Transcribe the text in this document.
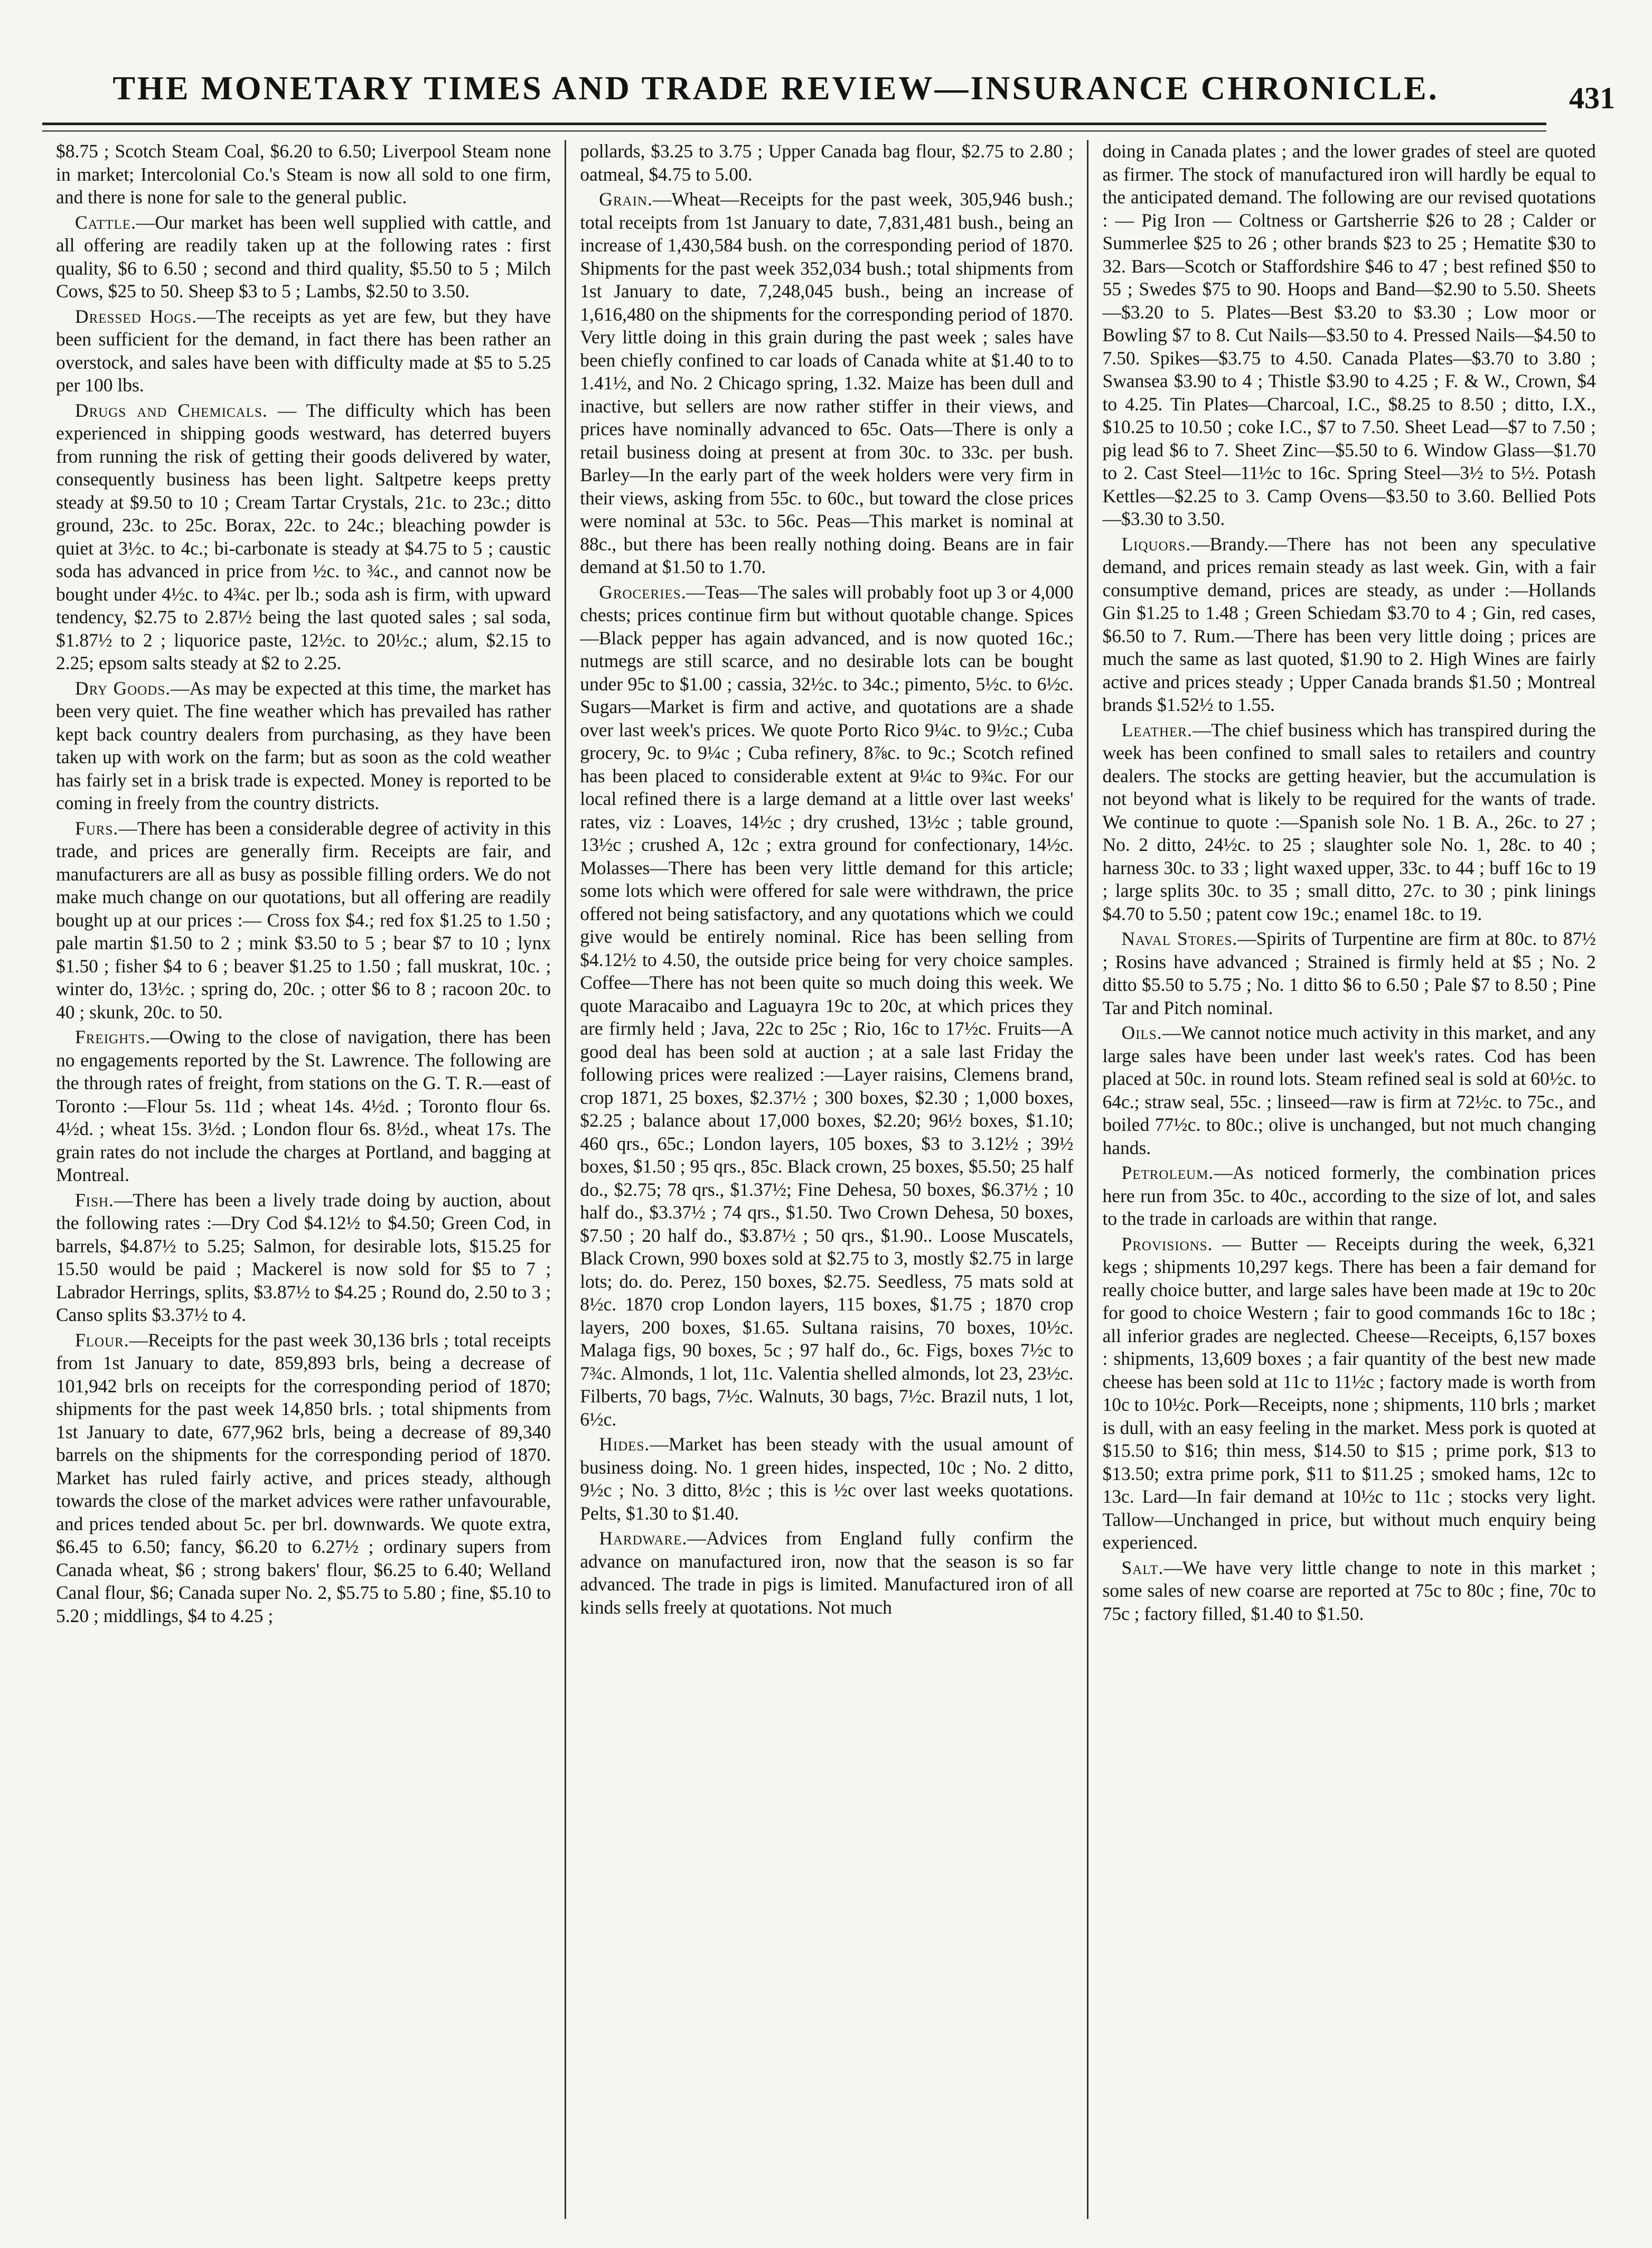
THE MONETARY TIMES AND TRADE REVIEW—INSURANCE CHRONICLE.	431

$8.75 ; Scotch Steam Coal, $6.20 to 6.50; Liverpool Steam none in market; Intercolonial Co.'s Steam is now all sold to one firm, and there is none for sale to the general public.

Cattle.—Our market has been well supplied with cattle, and all offering are readily taken up at the following rates : first quality, $6 to 6.50 ; second and third quality, $5.50 to 5 ; Milch Cows, $25 to 50. Sheep $3 to 5 ; Lambs, $2.50 to 3.50.

Dressed Hogs.—The receipts as yet are few, but they have been sufficient for the demand, in fact there has been rather an overstock, and sales have been with difficulty made at $5 to 5.25 per 100 lbs.

Drugs and Chemicals. — The difficulty which has been experienced in shipping goods westward, has deterred buyers from running the risk of getting their goods delivered by water, consequently business has been light. Saltpetre keeps pretty steady at $9.50 to 10 ; Cream Tartar Crystals, 21c. to 23c.; ditto ground, 23c. to 25c. Borax, 22c. to 24c.; bleaching powder is quiet at 3½c. to 4c.; bi-carbonate is steady at $4.75 to 5 ; caustic soda has advanced in price from ½c. to ¾c., and cannot now be bought under 4½c. to 4¾c. per lb.; soda ash is firm, with upward tendency, $2.75 to 2.87½ being the last quoted sales ; sal soda, $1.87½ to 2 ; liquorice paste, 12½c. to 20½c.; alum, $2.15 to 2.25; epsom salts steady at $2 to 2.25.

Dry Goods.—As may be expected at this time, the market has been very quiet. The fine weather which has prevailed has rather kept back country dealers from purchasing, as they have been taken up with work on the farm; but as soon as the cold weather has fairly set in a brisk trade is expected. Money is reported to be coming in freely from the country districts.

Furs.—There has been a considerable degree of activity in this trade, and prices are generally firm. Receipts are fair, and manufacturers are all as busy as possible filling orders. We do not make much change on our quotations, but all offering are readily bought up at our prices :— Cross fox $4.; red fox $1.25 to 1.50 ; pale martin $1.50 to 2 ; mink $3.50 to 5 ; bear $7 to 10 ; lynx $1.50 ; fisher $4 to 6 ; beaver $1.25 to 1.50 ; fall muskrat, 10c. ; winter do, 13½c. ; spring do, 20c. ; otter $6 to 8 ; racoon 20c. to 40 ; skunk, 20c. to 50.

Freights.—Owing to the close of navigation, there has been no engagements reported by the St. Lawrence. The following are the through rates of freight, from stations on the G. T. R.—east of Toronto :—Flour 5s. 11d ; wheat 14s. 4½d. ; Toronto flour 6s. 4½d. ; wheat 15s. 3½d. ; London flour 6s. 8½d., wheat 17s. The grain rates do not include the charges at Portland, and bagging at Montreal.

Fish.—There has been a lively trade doing by auction, about the following rates :—Dry Cod $4.12½ to $4.50; Green Cod, in barrels, $4.87½ to 5.25; Salmon, for desirable lots, $15.25 for 15.50 would be paid ; Mackerel is now sold for $5 to 7 ; Labrador Herrings, splits, $3.87½ to $4.25 ; Round do, 2.50 to 3 ; Canso splits $3.37½ to 4.

Flour.—Receipts for the past week 30,136 brls ; total receipts from 1st January to date, 859,893 brls, being a decrease of 101,942 brls on receipts for the corresponding period of 1870; shipments for the past week 14,850 brls. ; total shipments from 1st January to date, 677,962 brls, being a decrease of 89,340 barrels on the shipments for the corresponding period of 1870. Market has ruled fairly active, and prices steady, although towards the close of the market advices were rather unfavourable, and prices tended about 5c. per brl. downwards. We quote extra, $6.45 to 6.50; fancy, $6.20 to 6.27½ ; ordinary supers from Canada wheat, $6 ; strong bakers' flour, $6.25 to 6.40; Welland Canal flour, $6; Canada super No. 2, $5.75 to 5.80 ; fine, $5.10 to 5.20 ; middlings, $4 to 4.25 ;

pollards, $3.25 to 3.75 ; Upper Canada bag flour, $2.75 to 2.80 ; oatmeal, $4.75 to 5.00.

Grain.—Wheat—Receipts for the past week, 305,946 bush.; total receipts from 1st January to date, 7,831,481 bush., being an increase of 1,430,584 bush. on the corresponding period of 1870. Shipments for the past week 352,034 bush.; total shipments from 1st January to date, 7,248,045 bush., being an increase of 1,616,480 on the shipments for the corresponding period of 1870. Very little doing in this grain during the past week ; sales have been chiefly confined to car loads of Canada white at $1.40 to to 1.41½, and No. 2 Chicago spring, 1.32. Maize has been dull and inactive, but sellers are now rather stiffer in their views, and prices have nominally advanced to 65c. Oats—There is only a retail business doing at present at from 30c. to 33c. per bush. Barley—In the early part of the week holders were very firm in their views, asking from 55c. to 60c., but toward the close prices were nominal at 53c. to 56c. Peas—This market is nominal at 88c., but there has been really nothing doing. Beans are in fair demand at $1.50 to 1.70.

Groceries.—Teas—The sales will probably foot up 3 or 4,000 chests; prices continue firm but without quotable change. Spices—Black pepper has again advanced, and is now quoted 16c.; nutmegs are still scarce, and no desirable lots can be bought under 95c to $1.00 ; cassia, 32½c. to 34c.; pimento, 5½c. to 6½c. Sugars—Market is firm and active, and quotations are a shade over last week's prices. We quote Porto Rico 9¼c. to 9½c.; Cuba grocery, 9c. to 9¼c ; Cuba refinery, 8⅞c. to 9c.; Scotch refined has been placed to considerable extent at 9¼c to 9¾c. For our local refined there is a large demand at a little over last weeks' rates, viz : Loaves, 14½c ; dry crushed, 13½c ; table ground, 13½c ; crushed A, 12c ; extra ground for confectionary, 14½c. Molasses—There has been very little demand for this article; some lots which were offered for sale were withdrawn, the price offered not being satisfactory, and any quotations which we could give would be entirely nominal. Rice has been selling from $4.12½ to 4.50, the outside price being for very choice samples. Coffee—There has not been quite so much doing this week. We quote Maracaibo and Laguayra 19c to 20c, at which prices they are firmly held ; Java, 22c to 25c ; Rio, 16c to 17½c. Fruits—A good deal has been sold at auction ; at a sale last Friday the following prices were realized :—Layer raisins, Clemens brand, crop 1871, 25 boxes, $2.37½ ; 300 boxes, $2.30 ; 1,000 boxes, $2.25 ; balance about 17,000 boxes, $2.20; 96½ boxes, $1.10; 460 qrs., 65c.; London layers, 105 boxes, $3 to 3.12½ ; 39½ boxes, $1.50 ; 95 qrs., 85c. Black crown, 25 boxes, $5.50; 25 half do., $2.75; 78 qrs., $1.37½; Fine Dehesa, 50 boxes, $6.37½ ; 10 half do., $3.37½ ; 74 qrs., $1.50. Two Crown Dehesa, 50 boxes, $7.50 ; 20 half do., $3.87½ ; 50 qrs., $1.90.. Loose Muscatels, Black Crown, 990 boxes sold at $2.75 to 3, mostly $2.75 in large lots; do. do. Perez, 150 boxes, $2.75. Seedless, 75 mats sold at 8½c. 1870 crop London layers, 115 boxes, $1.75 ; 1870 crop layers, 200 boxes, $1.65. Sultana raisins, 70 boxes, 10½c. Malaga figs, 90 boxes, 5c ; 97 half do., 6c. Figs, boxes 7½c to 7¾c. Almonds, 1 lot, 11c. Valentia shelled almonds, lot 23, 23½c. Filberts, 70 bags, 7½c. Walnuts, 30 bags, 7½c. Brazil nuts, 1 lot, 6½c.

Hides.—Market has been steady with the usual amount of business doing. No. 1 green hides, inspected, 10c ; No. 2 ditto, 9½c ; No. 3 ditto, 8½c ; this is ½c over last weeks quotations. Pelts, $1.30 to $1.40.

Hardware.—Advices from England fully confirm the advance on manufactured iron, now that the season is so far advanced. The trade in pigs is limited. Manufactured iron of all kinds sells freely at quotations. Not much

doing in Canada plates ; and the lower grades of steel are quoted as firmer. The stock of manufactured iron will hardly be equal to the anticipated demand. The following are our revised quotations : — Pig Iron — Coltness or Gartsherrie $26 to 28 ; Calder or Summerlee $25 to 26 ; other brands $23 to 25 ; Hematite $30 to 32. Bars—Scotch or Staffordshire $46 to 47 ; best refined $50 to 55 ; Swedes $75 to 90. Hoops and Band—$2.90 to 5.50. Sheets—$3.20 to 5. Plates—Best $3.20 to $3.30 ; Low moor or Bowling $7 to 8. Cut Nails—$3.50 to 4. Pressed Nails—$4.50 to 7.50. Spikes—$3.75 to 4.50. Canada Plates—$3.70 to 3.80 ; Swansea $3.90 to 4 ; Thistle $3.90 to 4.25 ; F. & W., Crown, $4 to 4.25. Tin Plates—Charcoal, I.C., $8.25 to 8.50 ; ditto, I.X., $10.25 to 10.50 ; coke I.C., $7 to 7.50. Sheet Lead—$7 to 7.50 ; pig lead $6 to 7. Sheet Zinc—$5.50 to 6. Window Glass—$1.70 to 2. Cast Steel—11½c to 16c. Spring Steel—3½ to 5½. Potash Kettles—$2.25 to 3. Camp Ovens—$3.50 to 3.60. Bellied Pots —$3.30 to 3.50.

Liquors.—Brandy.—There has not been any speculative demand, and prices remain steady as last week. Gin, with a fair consumptive demand, prices are steady, as under :—Hollands Gin $1.25 to 1.48 ; Green Schiedam $3.70 to 4 ; Gin, red cases, $6.50 to 7. Rum.—There has been very little doing ; prices are much the same as last quoted, $1.90 to 2. High Wines are fairly active and prices steady ; Upper Canada brands $1.50 ; Montreal brands $1.52½ to 1.55.

Leather.—The chief business which has transpired during the week has been confined to small sales to retailers and country dealers. The stocks are getting heavier, but the accumulation is not beyond what is likely to be required for the wants of trade. We continue to quote :—Spanish sole No. 1 B. A., 26c. to 27 ; No. 2 ditto, 24½c. to 25 ; slaughter sole No. 1, 28c. to 40 ; harness 30c. to 33 ; light waxed upper, 33c. to 44 ; buff 16c to 19 ; large splits 30c. to 35 ; small ditto, 27c. to 30 ; pink linings $4.70 to 5.50 ; patent cow 19c.; enamel 18c. to 19.

Naval Stores.—Spirits of Turpentine are firm at 80c. to 87½ ; Rosins have advanced ; Strained is firmly held at $5 ; No. 2 ditto $5.50 to 5.75 ; No. 1 ditto $6 to 6.50 ; Pale $7 to 8.50 ; Pine Tar and Pitch nominal.

Oils.—We cannot notice much activity in this market, and any large sales have been under last week's rates. Cod has been placed at 50c. in round lots. Steam refined seal is sold at 60½c. to 64c.; straw seal, 55c. ; linseed—raw is firm at 72½c. to 75c., and boiled 77½c. to 80c.; olive is unchanged, but not much changing hands.

Petroleum.—As noticed formerly, the combination prices here run from 35c. to 40c., according to the size of lot, and sales to the trade in carloads are within that range.

Provisions. — Butter — Receipts during the week, 6,321 kegs ; shipments 10,297 kegs. There has been a fair demand for really choice butter, and large sales have been made at 19c to 20c for good to choice Western ; fair to good commands 16c to 18c ; all inferior grades are neglected. Cheese—Receipts, 6,157 boxes : shipments, 13,609 boxes ; a fair quantity of the best new made cheese has been sold at 11c to 11½c ; factory made is worth from 10c to 10½c. Pork—Receipts, none ; shipments, 110 brls ; market is dull, with an easy feeling in the market. Mess pork is quoted at $15.50 to $16; thin mess, $14.50 to $15 ; prime pork, $13 to $13.50; extra prime pork, $11 to $11.25 ; smoked hams, 12c to 13c. Lard—In fair demand at 10½c to 11c ; stocks very light. Tallow—Unchanged in price, but without much enquiry being experienced.

Salt.—We have very little change to note in this market ; some sales of new coarse are reported at 75c to 80c ; fine, 70c to 75c ; factory filled, $1.40 to $1.50.
